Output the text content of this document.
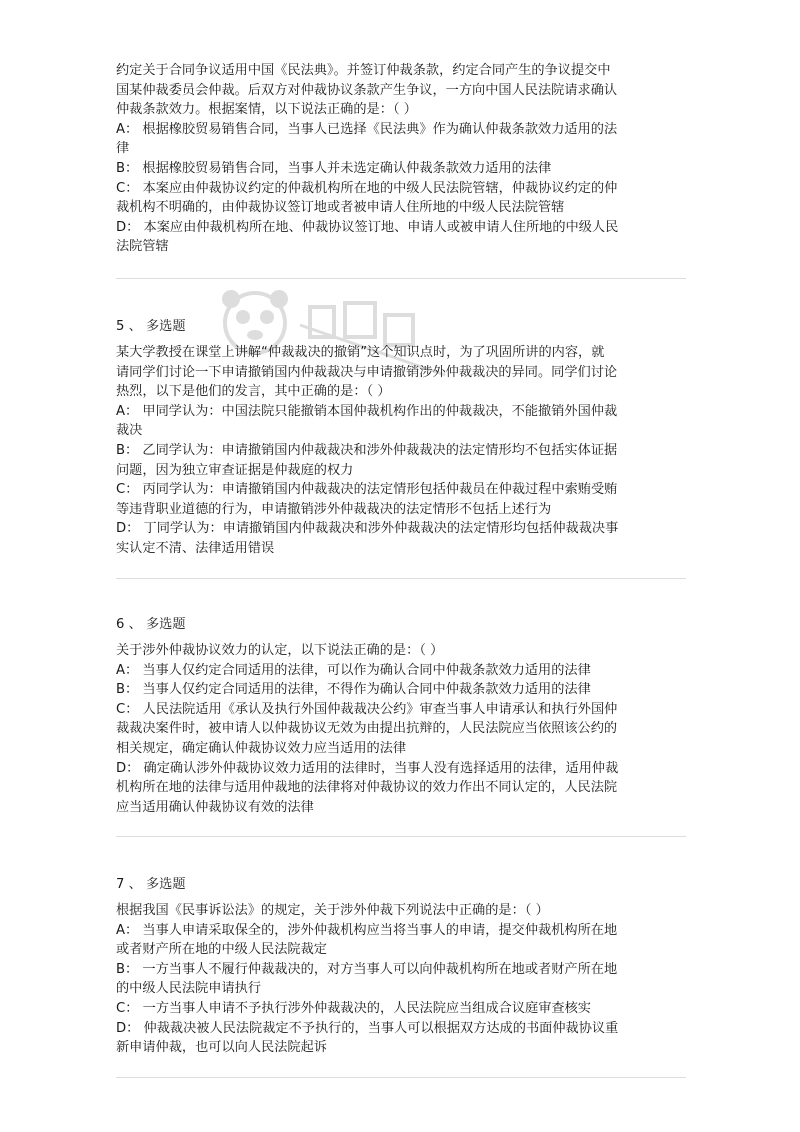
约定关于合同争议适用中国《民法典》。并签订仲裁条款，约定合同产生的争议提交中
国某仲裁委员会仲裁。后双方对仲裁协议条款产生争议，一方向中国人民法院请求确认
仲裁条款效力。根据案情，以下说法正确的是：（ ）
A： 根据橡胶贸易销售合同，当事人已选择《民法典》作为确认仲裁条款效力适用的法
律
B： 根据橡胶贸易销售合同，当事人并未选定确认仲裁条款效力适用的法律
C： 本案应由仲裁协议约定的仲裁机构所在地的中级人民法院管辖，仲裁协议约定的仲
裁机构不明确的，由仲裁协议签订地或者被申请人住所地的中级人民法院管辖
D： 本案应由仲裁机构所在地、仲裁协议签订地、申请人或被申请人住所地的中级人民
法院管辖
5 、 多选题
某大学教授在课堂上讲解“仲裁裁决的撤销”这个知识点时，为了巩固所讲的内容，就
请同学们讨论一下申请撤销国内仲裁裁决与申请撤销涉外仲裁裁决的异同。同学们讨论
热烈，以下是他们的发言，其中正确的是：（ ）
A： 甲同学认为：中国法院只能撤销本国仲裁机构作出的仲裁裁决，不能撤销外国仲裁
裁决
B： 乙同学认为：申请撤销国内仲裁裁决和涉外仲裁裁决的法定情形均不包括实体证据
问题，因为独立审查证据是仲裁庭的权力
C： 丙同学认为：申请撤销国内仲裁裁决的法定情形包括仲裁员在仲裁过程中索贿受贿
等违背职业道德的行为，申请撤销涉外仲裁裁决的法定情形不包括上述行为
D： 丁同学认为：申请撤销国内仲裁裁决和涉外仲裁裁决的法定情形均包括仲裁裁决事
实认定不清、法律适用错误
6 、 多选题
关于涉外仲裁协议效力的认定，以下说法正确的是：（ ）
A： 当事人仅约定合同适用的法律，可以作为确认合同中仲裁条款效力适用的法律
B： 当事人仅约定合同适用的法律，不得作为确认合同中仲裁条款效力适用的法律
C： 人民法院适用《承认及执行外国仲裁裁决公约》审查当事人申请承认和执行外国仲
裁裁决案件时，被申请人以仲裁协议无效为由提出抗辩的，人民法院应当依照该公约的
相关规定，确定确认仲裁协议效力应当适用的法律
D： 确定确认涉外仲裁协议效力适用的法律时，当事人没有选择适用的法律，适用仲裁
机构所在地的法律与适用仲裁地的法律将对仲裁协议的效力作出不同认定的，人民法院
应当适用确认仲裁协议有效的法律
7 、 多选题
根据我国《民事诉讼法》的规定，关于涉外仲裁下列说法中正确的是：（ ）
A： 当事人申请采取保全的，涉外仲裁机构应当将当事人的申请，提交仲裁机构所在地
或者财产所在地的中级人民法院裁定
B： 一方当事人不履行仲裁裁决的，对方当事人可以向仲裁机构所在地或者财产所在地
的中级人民法院申请执行
C： 一方当事人申请不予执行涉外仲裁裁决的，人民法院应当组成合议庭审查核实
D： 仲裁裁决被人民法院裁定不予执行的，当事人可以根据双方达成的书面仲裁协议重
新申请仲裁，也可以向人民法院起诉
